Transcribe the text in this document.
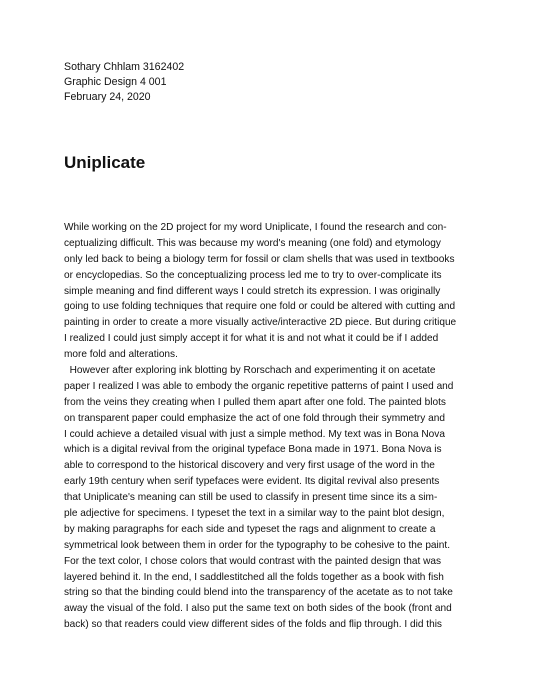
Sothary Chhlam 3162402
Graphic Design 4 001
February 24, 2020
Uniplicate
While working on the 2D project for my word Uniplicate, I found the research and con-
ceptualizing difficult. This was because my word's meaning (one fold) and etymology
only led back to being a biology term for fossil or clam shells that was used in textbooks
or encyclopedias. So the conceptualizing process led me to try to over-complicate its
simple meaning and find different ways I could stretch its expression. I was originally
going to use folding techniques that require one fold or could be altered with cutting and
painting in order to create a more visually active/interactive 2D piece. But during critique
I realized I could just simply accept it for what it is and not what it could be if I added
more fold and alterations.
However after exploring ink blotting by Rorschach and experimenting it on acetate
paper I realized I was able to embody the organic repetitive patterns of paint I used and
from the veins they creating when I pulled them apart after one fold. The painted blots
on transparent paper could emphasize the act of one fold through their symmetry and
I could achieve a detailed visual with just a simple method. My text was in Bona Nova
which is a digital revival from the original typeface Bona made in 1971. Bona Nova is
able to correspond to the historical discovery and very first usage of the word in the
early 19th century when serif typefaces were evident. Its digital revival also presents
that Uniplicate's meaning can still be used to classify in present time since its a sim-
ple adjective for specimens. I typeset the text in a similar way to the paint blot design,
by making paragraphs for each side and typeset the rags and alignment to create a
symmetrical look between them in order for the typography to be cohesive to the paint.
For the text color, I chose colors that would contrast with the painted design that was
layered behind it. In the end, I saddlestitched all the folds together as a book with fish
string so that the binding could blend into the transparency of the acetate as to not take
away the visual of the fold. I also put the same text on both sides of the book (front and
back) so that readers could view different sides of the folds and flip through. I did this
